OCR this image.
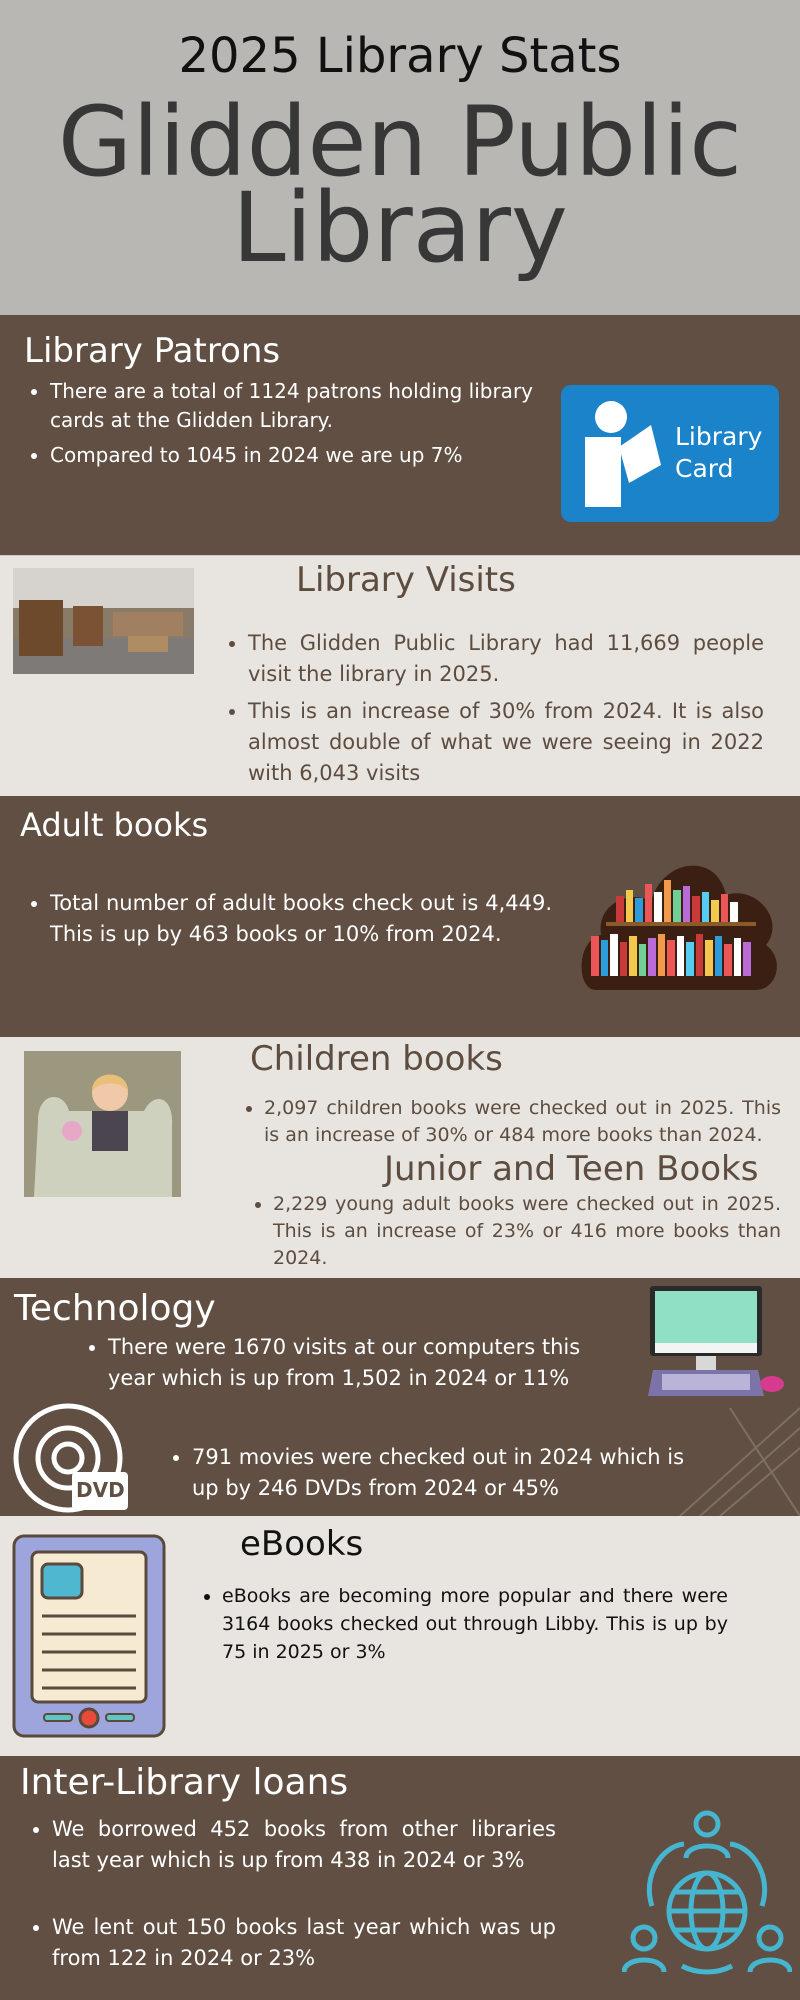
2025 Library Stats
Glidden Public
Library
Library Patrons
• There are a total of 1124 patrons holding library cards at the Glidden Library.
• Compared to 1045 in 2024 we are up 7%
Library
Card
Library Visits
• The Glidden Public Library had 11,669 people visit the library in 2025.
• This is an increase of 30% from 2024. It is also almost double of what we were seeing in 2022 with 6,043 visits
Adult books
• Total number of adult books check out is 4,449. This is up by 463 books or 10% from 2024.
Children books
• 2,097 children books were checked out in 2025. This is an increase of 30% or 484 more books than 2024.
Junior and Teen Books
• 2,229 young adult books were checked out in 2025. This is an increase of 23% or 416 more books than 2024.
Technology
• There were 1670 visits at our computers this year which is up from 1,502 in 2024 or 11%
DVD
• 791 movies were checked out in 2024 which is up by 246 DVDs from 2024 or 45%
eBooks
• eBooks are becoming more popular and there were 3164 books checked out through Libby. This is up by 75 in 2025 or 3%
Inter-Library loans
• We borrowed 452 books from other libraries last year which is up from 438 in 2024 or 3%
• We lent out 150 books last year which was up from 122 in 2024 or 23%
